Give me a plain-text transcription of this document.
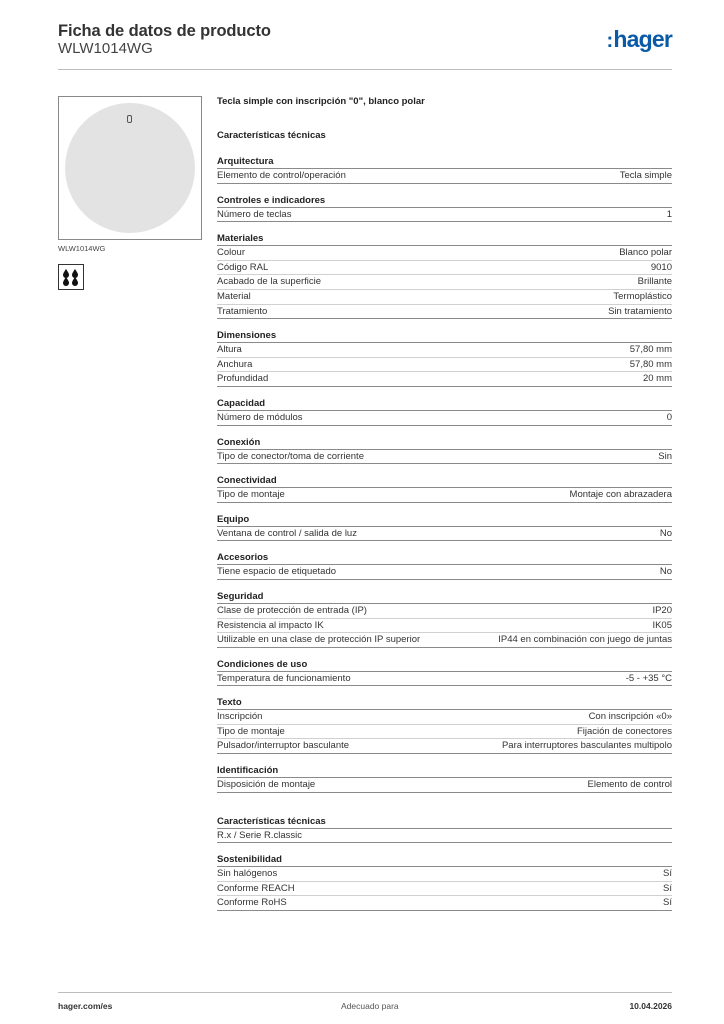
Ficha de datos de producto
WLW1014WG	:hager
WLW1014WG
Tecla simple con inscripción "0", blanco polar
Características técnicas
Arquitectura
Elemento de control/operación	Tecla simple
Controles e indicadores
Número de teclas	1
Materiales
Colour	Blanco polar
Código RAL	9010
Acabado de la superficie	Brillante
Material	Termoplástico
Tratamiento	Sin tratamiento
Dimensiones
Altura	57,80 mm
Anchura	57,80 mm
Profundidad	20 mm
Capacidad
Número de módulos	0
Conexión
Tipo de conector/toma de corriente	Sin
Conectividad
Tipo de montaje	Montaje con abrazadera
Equipo
Ventana de control / salida de luz	No
Accesorios
Tiene espacio de etiquetado	No
Seguridad
Clase de protección de entrada (IP)	IP20
Resistencia al impacto IK	IK05
Utilizable en una clase de protección IP superior	IP44 en combinación con juego de juntas
Condiciones de uso
Temperatura de funcionamiento	-5 - +35 °C
Texto
Inscripción	Con inscripción «0»
Tipo de montaje	Fijación de conectores
Pulsador/interruptor basculante	Para interruptores basculantes multipolo
Identificación
Disposición de montaje	Elemento de control
Características técnicas
R.x / Serie R.classic
Sostenibilidad
Sin halógenos	Sí
Conforme REACH	Sí
Conforme RoHS	Sí
hager.com/es	Adecuado para	10.04.2026
